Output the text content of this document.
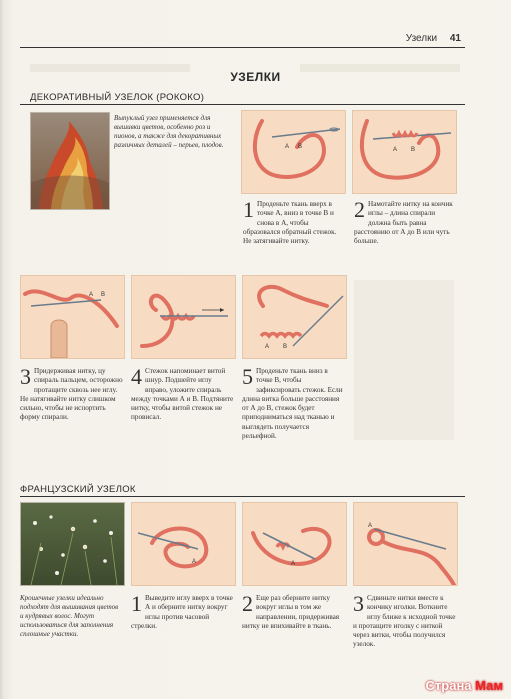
Узелки 41
УЗЕЛКИ
ДЕКОРАТИВНЫЙ УЗЕЛОК (РОКОКО)
Выпуклый узел применяется для вышивки цветов, особенно роз и пионов, а также для декоративных различных деталей – перьев, плодов.	A B	A B
1 Проденьте ткань вверх в точке А, вниз в точке В и снова в А, чтобы образовался обратный стежок. Не затягивайте нитку.
2 Намотайте нитку на кончик иглы – длина спирали должна быть равна расстоянию от А до В или чуть больше.
A B
A B
3 Придерживая нитку, цу спираль пальцем, осторожно протащите сквозь нее иглу. Не натягивайте нитку слишком сильно, чтобы не испортить форму спирали.
4 Стежок напоминает витой шнур. Подшейте иглу вправо, уложите спираль между точками А и В. Подтяните нитку, чтобы витой стежок не провисал.
5 Проденьте ткань вниз в точке В, чтобы зафиксировать стежок. Если длина витка больше расстояния от А до В, стежок будет приподниматься над тканью и выглядеть получается рельефной.
ФРАНЦУЗСКИЙ УЗЕЛОК
A	A
A
Крошечные узелки идеально подходят для вышивания цветов и кудрявых волос. Могут использоваться для заполнения сплошные участки.
1 Выведите иглу вверх в точке А и оберните нитку вокруг иглы против часовой стрелки.
2 Еще раз оберните нитку вокруг иглы в том же направлении, придерживая нитку не впихивайте в ткань.
3 Сдвиньте нитки вместе к кончику иголки. Воткните иглу ближе к исходной точке и протащите иголку с ниткой через витки, чтобы получился узелок.
Страна Мам
